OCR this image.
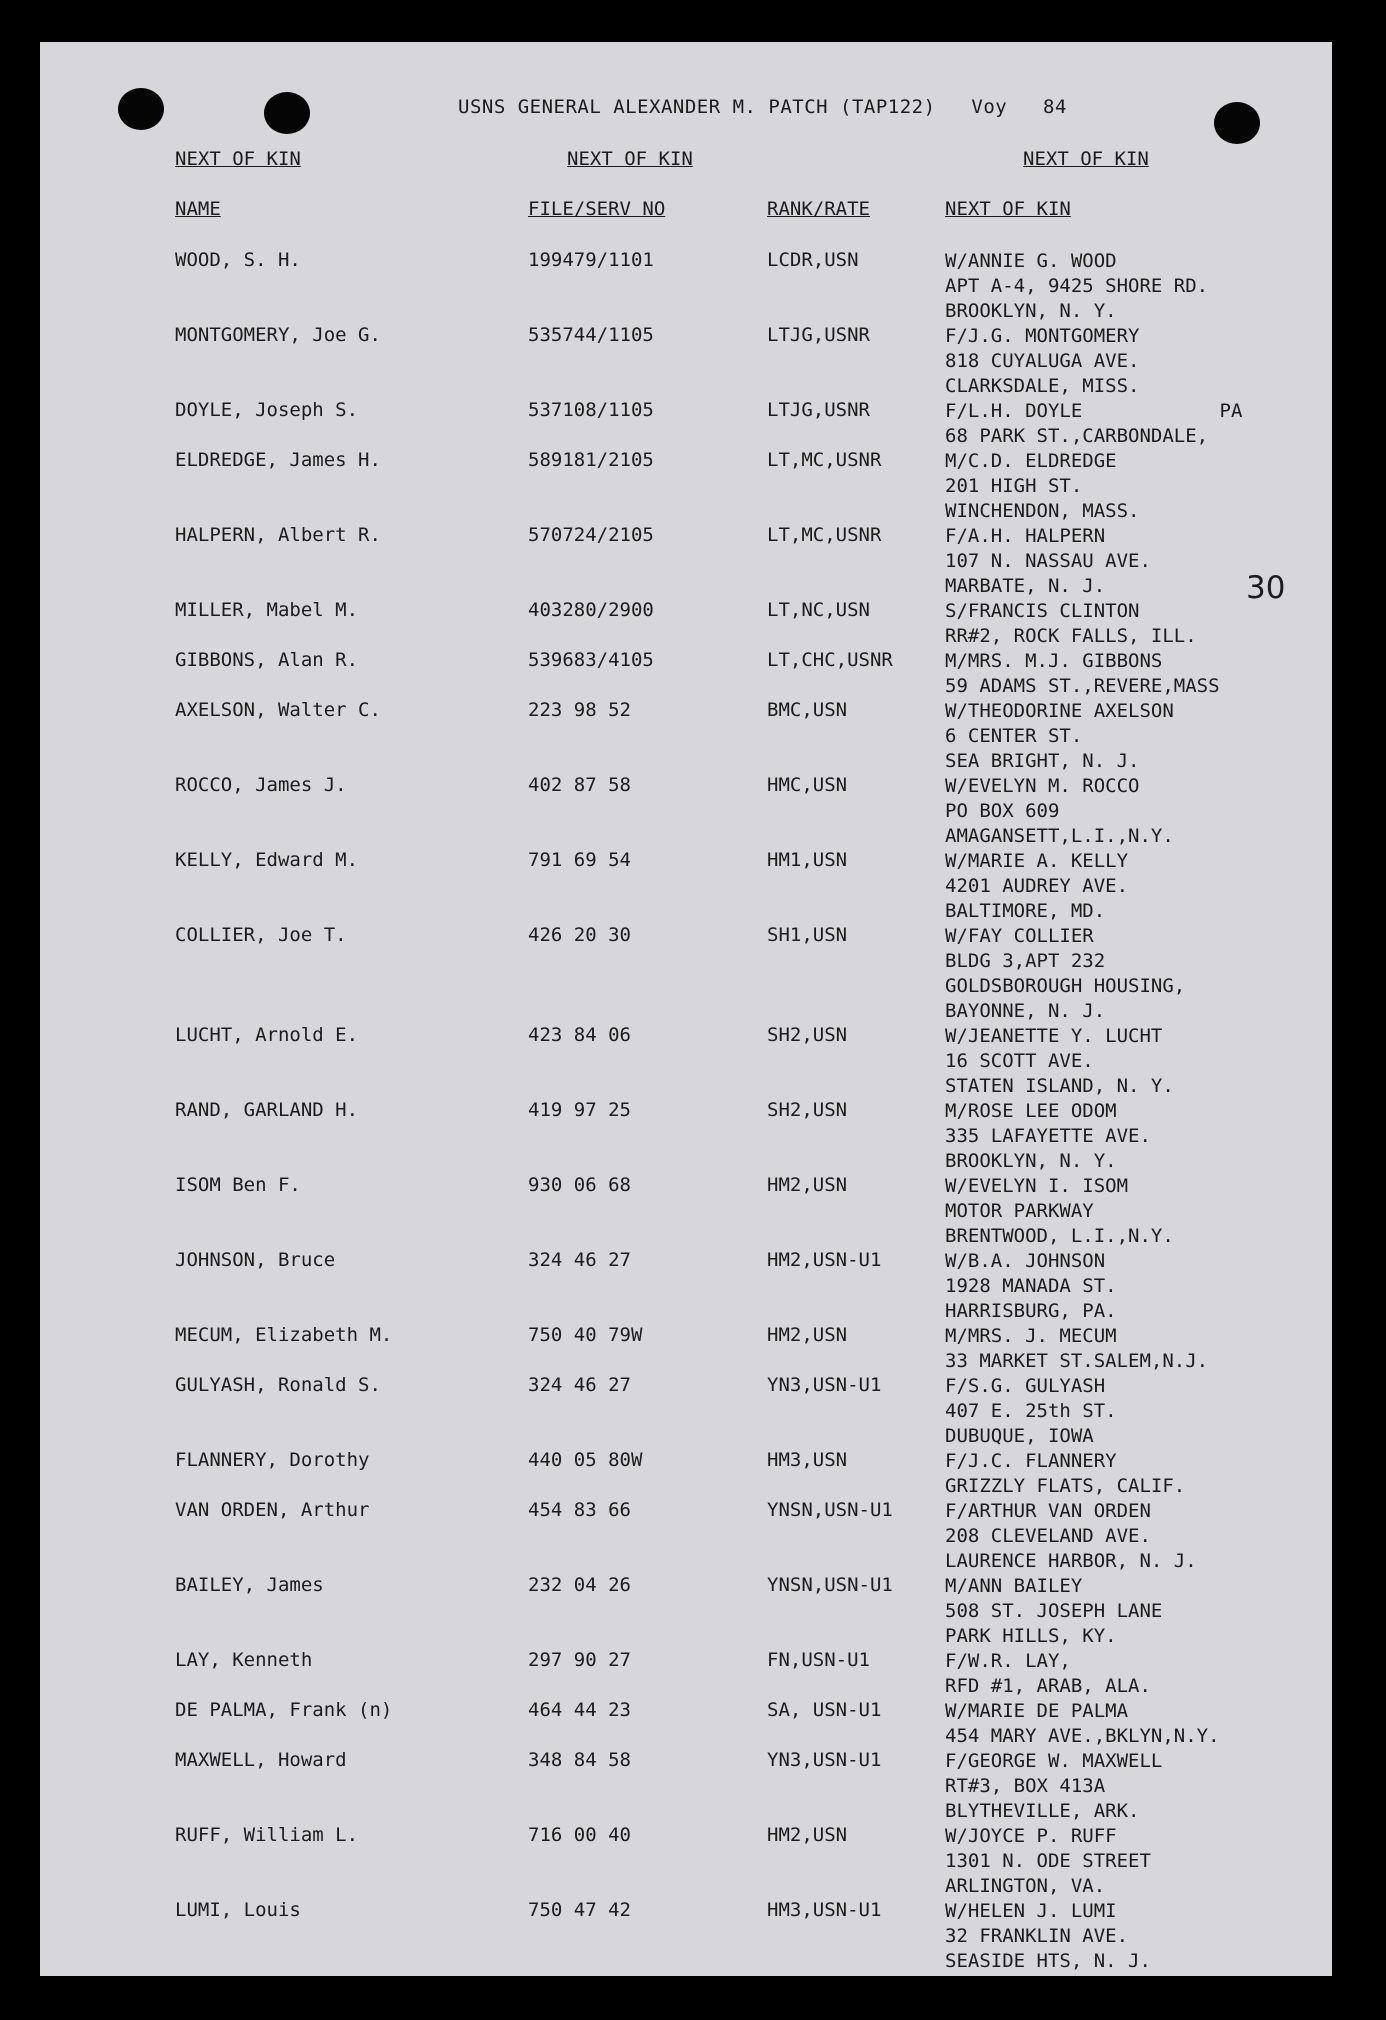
USNS GENERAL ALEXANDER M. PATCH (TAP122) Voy   84
NEXT OF KIN	NEXT OF KIN	NEXT OF KIN
NAME	FILE/SERV NO	RANK/RATE	NEXT OF KIN
30
WOOD, S. H.	199479/1101	LCDR,USN	W/ANNIE G. WOOD
APT A-4, 9425 SHORE RD.
BROOKLYN, N. Y.
MONTGOMERY, Joe G.	535744/1105	LTJG,USNR	F/J.G. MONTGOMERY
818 CUYALUGA AVE.
CLARKSDALE, MISS.
DOYLE, Joseph S.	537108/1105	LTJG,USNR	F/L.H. DOYLE            PA
68 PARK ST.,CARBONDALE,
ELDREDGE, James H.	589181/2105	LT,MC,USNR	M/C.D. ELDREDGE
201 HIGH ST.
WINCHENDON, MASS.
HALPERN, Albert R.	570724/2105	LT,MC,USNR	F/A.H. HALPERN
107 N. NASSAU AVE.
MARBATE, N. J.
MILLER, Mabel M.	403280/2900	LT,NC,USN	S/FRANCIS CLINTON
RR#2, ROCK FALLS, ILL.
GIBBONS, Alan R.	539683/4105	LT,CHC,USNR	M/MRS. M.J. GIBBONS
59 ADAMS ST.,REVERE,MASS
AXELSON, Walter C.	223 98 52	BMC,USN	W/THEODORINE AXELSON
6 CENTER ST.
SEA BRIGHT, N. J.
ROCCO, James J.	402 87 58	HMC,USN	W/EVELYN M. ROCCO
PO BOX 609
AMAGANSETT,L.I.,N.Y.
KELLY, Edward M.	791 69 54	HM1,USN	W/MARIE A. KELLY
4201 AUDREY AVE.
BALTIMORE, MD.
COLLIER, Joe T.	426 20 30	SH1,USN	W/FAY COLLIER
BLDG 3,APT 232
GOLDSBOROUGH HOUSING,
BAYONNE, N. J.
LUCHT, Arnold E.	423 84 06	SH2,USN	W/JEANETTE Y. LUCHT
16 SCOTT AVE.
STATEN ISLAND, N. Y.
RAND, GARLAND H.	419 97 25	SH2,USN	M/ROSE LEE ODOM
335 LAFAYETTE AVE.
BROOKLYN, N. Y.
ISOM Ben F.	930 06 68	HM2,USN	W/EVELYN I. ISOM
MOTOR PARKWAY
BRENTWOOD, L.I.,N.Y.
JOHNSON, Bruce	324 46 27	HM2,USN-U1	W/B.A. JOHNSON
1928 MANADA ST.
HARRISBURG, PA.
MECUM, Elizabeth M.	750 40 79W	HM2,USN	M/MRS. J. MECUM
33 MARKET ST.SALEM,N.J.
GULYASH, Ronald S.	324 46 27	YN3,USN-U1	F/S.G. GULYASH
407 E. 25th ST.
DUBUQUE, IOWA
FLANNERY, Dorothy	440 05 80W	HM3,USN	F/J.C. FLANNERY
GRIZZLY FLATS, CALIF.
VAN ORDEN, Arthur	454 83 66	YNSN,USN-U1	F/ARTHUR VAN ORDEN
208 CLEVELAND AVE.
LAURENCE HARBOR, N. J.
BAILEY, James	232 04 26	YNSN,USN-U1	M/ANN BAILEY
508 ST. JOSEPH LANE
PARK HILLS, KY.
LAY, Kenneth	297 90 27	FN,USN-U1	F/W.R. LAY,
RFD #1, ARAB, ALA.
DE PALMA, Frank (n)	464 44 23	SA, USN-U1	W/MARIE DE PALMA
454 MARY AVE.,BKLYN,N.Y.
MAXWELL, Howard	348 84 58	YN3,USN-U1	F/GEORGE W. MAXWELL
RT#3, BOX 413A
BLYTHEVILLE, ARK.
RUFF, William L.	716 00 40	HM2,USN	W/JOYCE P. RUFF
1301 N. ODE STREET
ARLINGTON, VA.
LUMI, Louis	750 47 42	HM3,USN-U1	W/HELEN J. LUMI
32 FRANKLIN AVE.
SEASIDE HTS, N. J.
